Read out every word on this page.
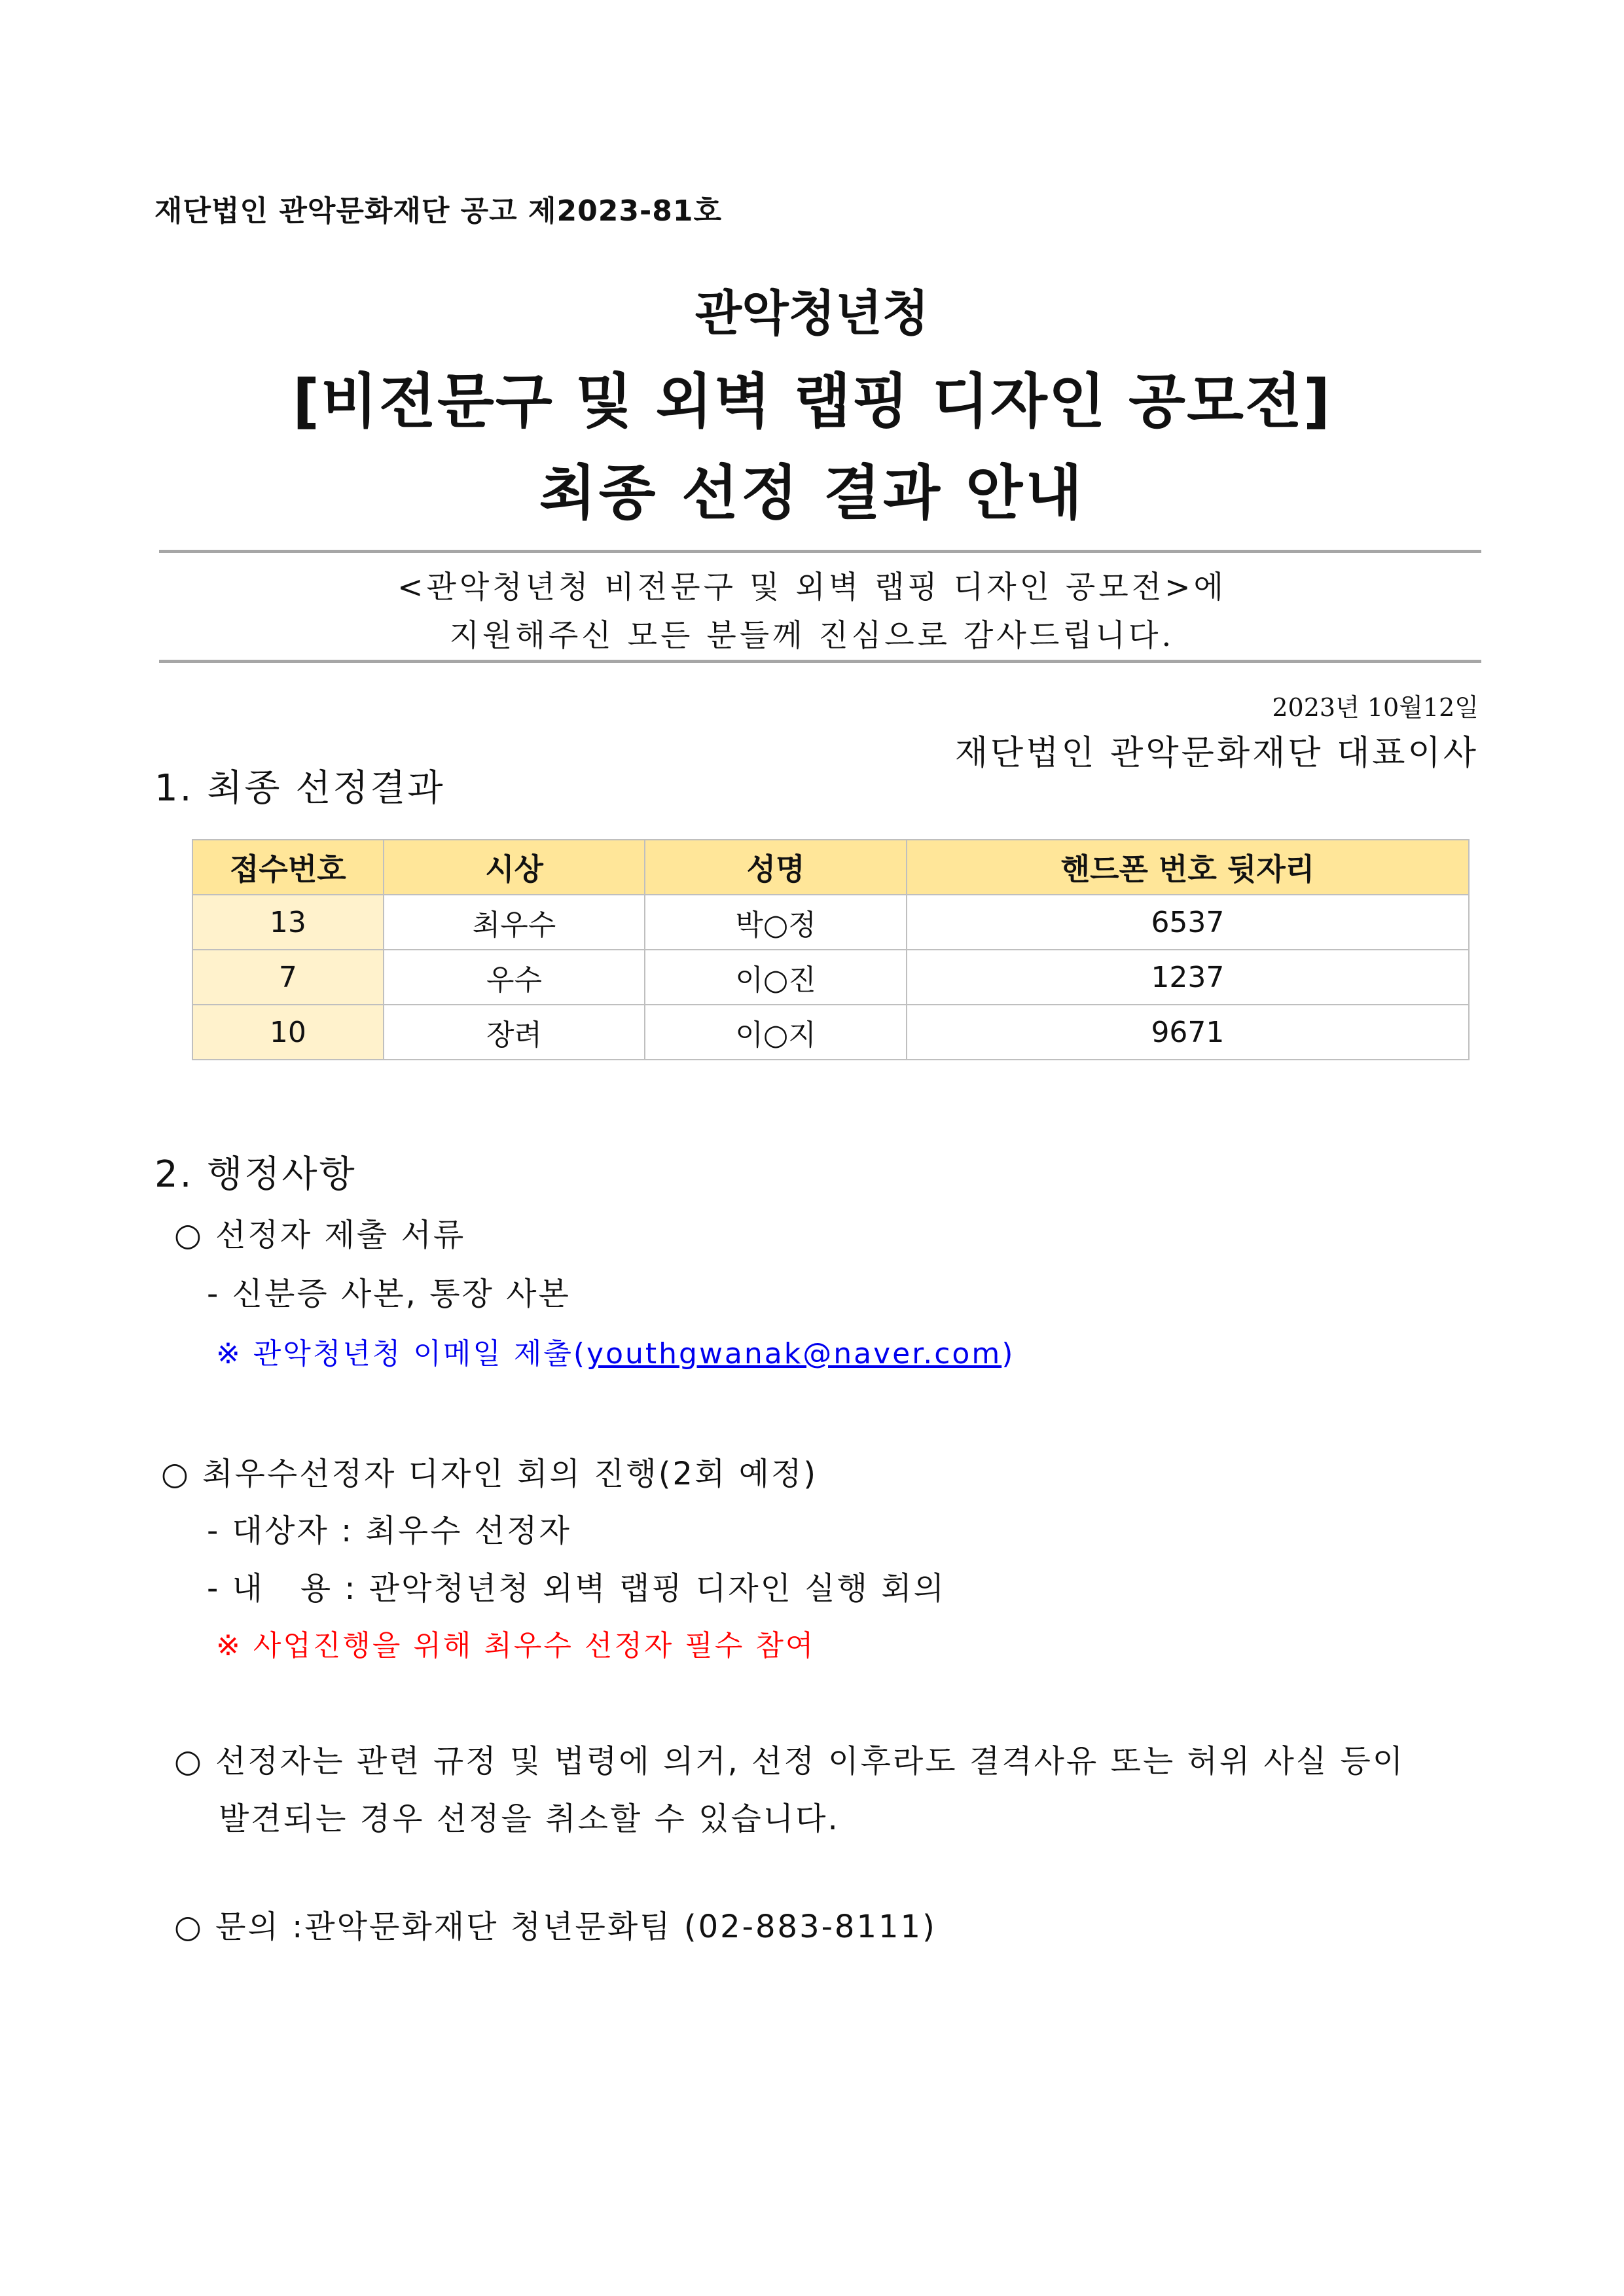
재단법인 관악문화재단 공고 제2023-81호
관악청년청
[비전문구 및 외벽 랩핑 디자인 공모전]
최종 선정 결과 안내
<관악청년청 비전문구 및 외벽 랩핑 디자인 공모전>에
지원해주신 모든 분들께 진심으로 감사드립니다.
2023년 10월12일
재단법인 관악문화재단 대표이사
1. 최종 선정결과
접수번호	시상	성명	핸드폰 번호 뒷자리
13	최우수	박○정	6537
7	우수	이○진	1237
10	장려	이○지	9671
2. 행정사항
○ 선정자 제출 서류
- 신분증 사본, 통장 사본
※ 관악청년청 이메일 제출(youthgwanak@naver.com)
○ 최우수선정자 디자인 회의 진행(2회 예정)
- 대상자 : 최우수 선정자
- 내   용 : 관악청년청 외벽 랩핑 디자인 실행 회의
※ 사업진행을 위해 최우수 선정자 필수 참여
○ 선정자는 관련 규정 및 법령에 의거, 선정 이후라도 결격사유 또는 허위 사실 등이
발견되는 경우 선정을 취소할 수 있습니다.
○ 문의 :관악문화재단 청년문화팀 (02-883-8111)
